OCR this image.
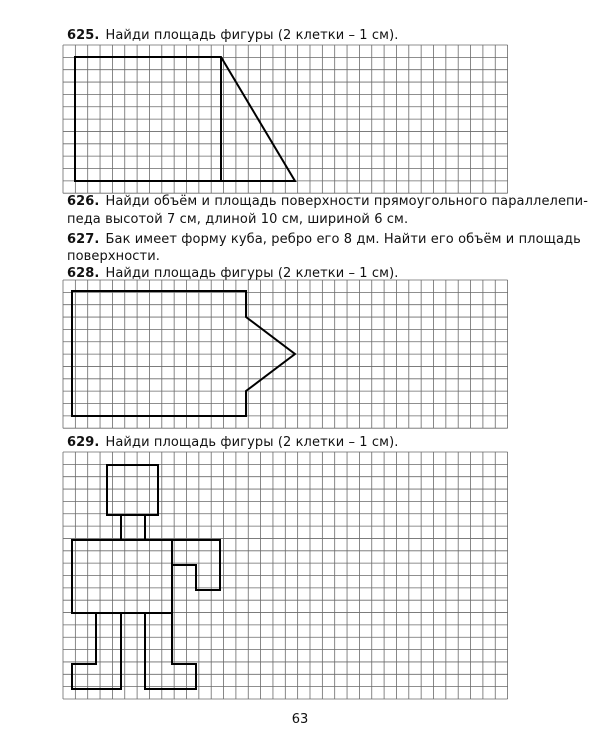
625. Найди площадь фигуры (2 клетки – 1 см).
626. Найди объём и площадь поверхности прямоугольного параллелепи-
педа высотой 7 см, длиной 10 см, шириной 6 см.
627. Бак имеет форму куба, ребро его 8 дм. Найти его объём и площадь
поверхности.
628. Найди площадь фигуры (2 клетки – 1 см).
629. Найди площадь фигуры (2 клетки – 1 см).
63
